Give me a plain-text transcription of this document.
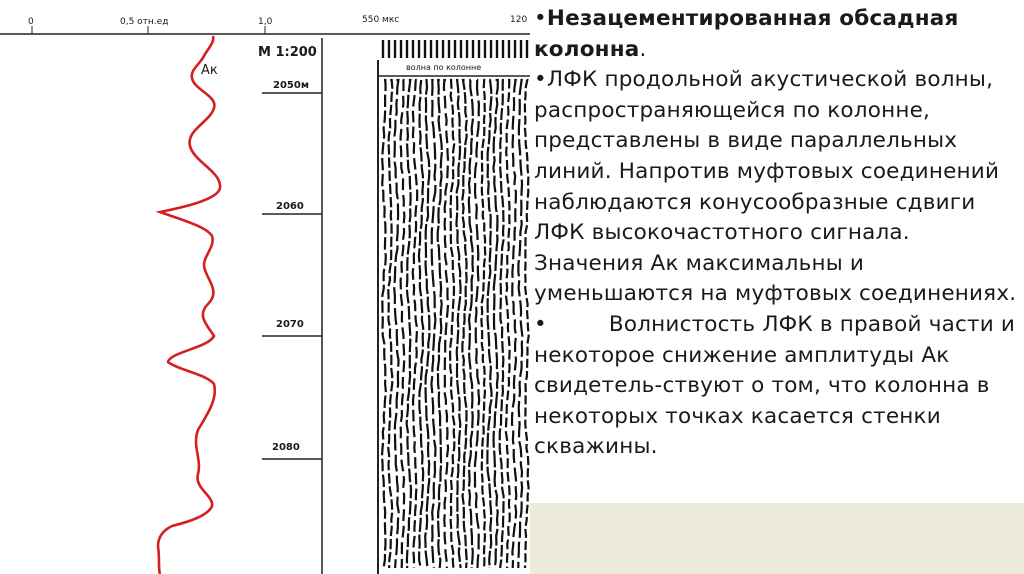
0	0,5 отн.ед	1,0	550 мкс	120
М 1:200
2050м
2060
2070
2080
Ак	волна по колонне

•Незацементированная обсадная колонна.

•ЛФК продольной акустической волны, распространяющейся по колонне, представлены в виде параллельных линий. Напротив муфтовых соединений наблюдаются конусообразные сдвиги ЛФК высокочастотного сигнала. Значения Ак максимальны и уменьшаются на муфтовых соединениях.

•	Волнистость ЛФК в правой части и некоторое снижение амплитуды Ак свидетель-ствуют о том, что колонна в некоторых точках касается стенки скважины.
